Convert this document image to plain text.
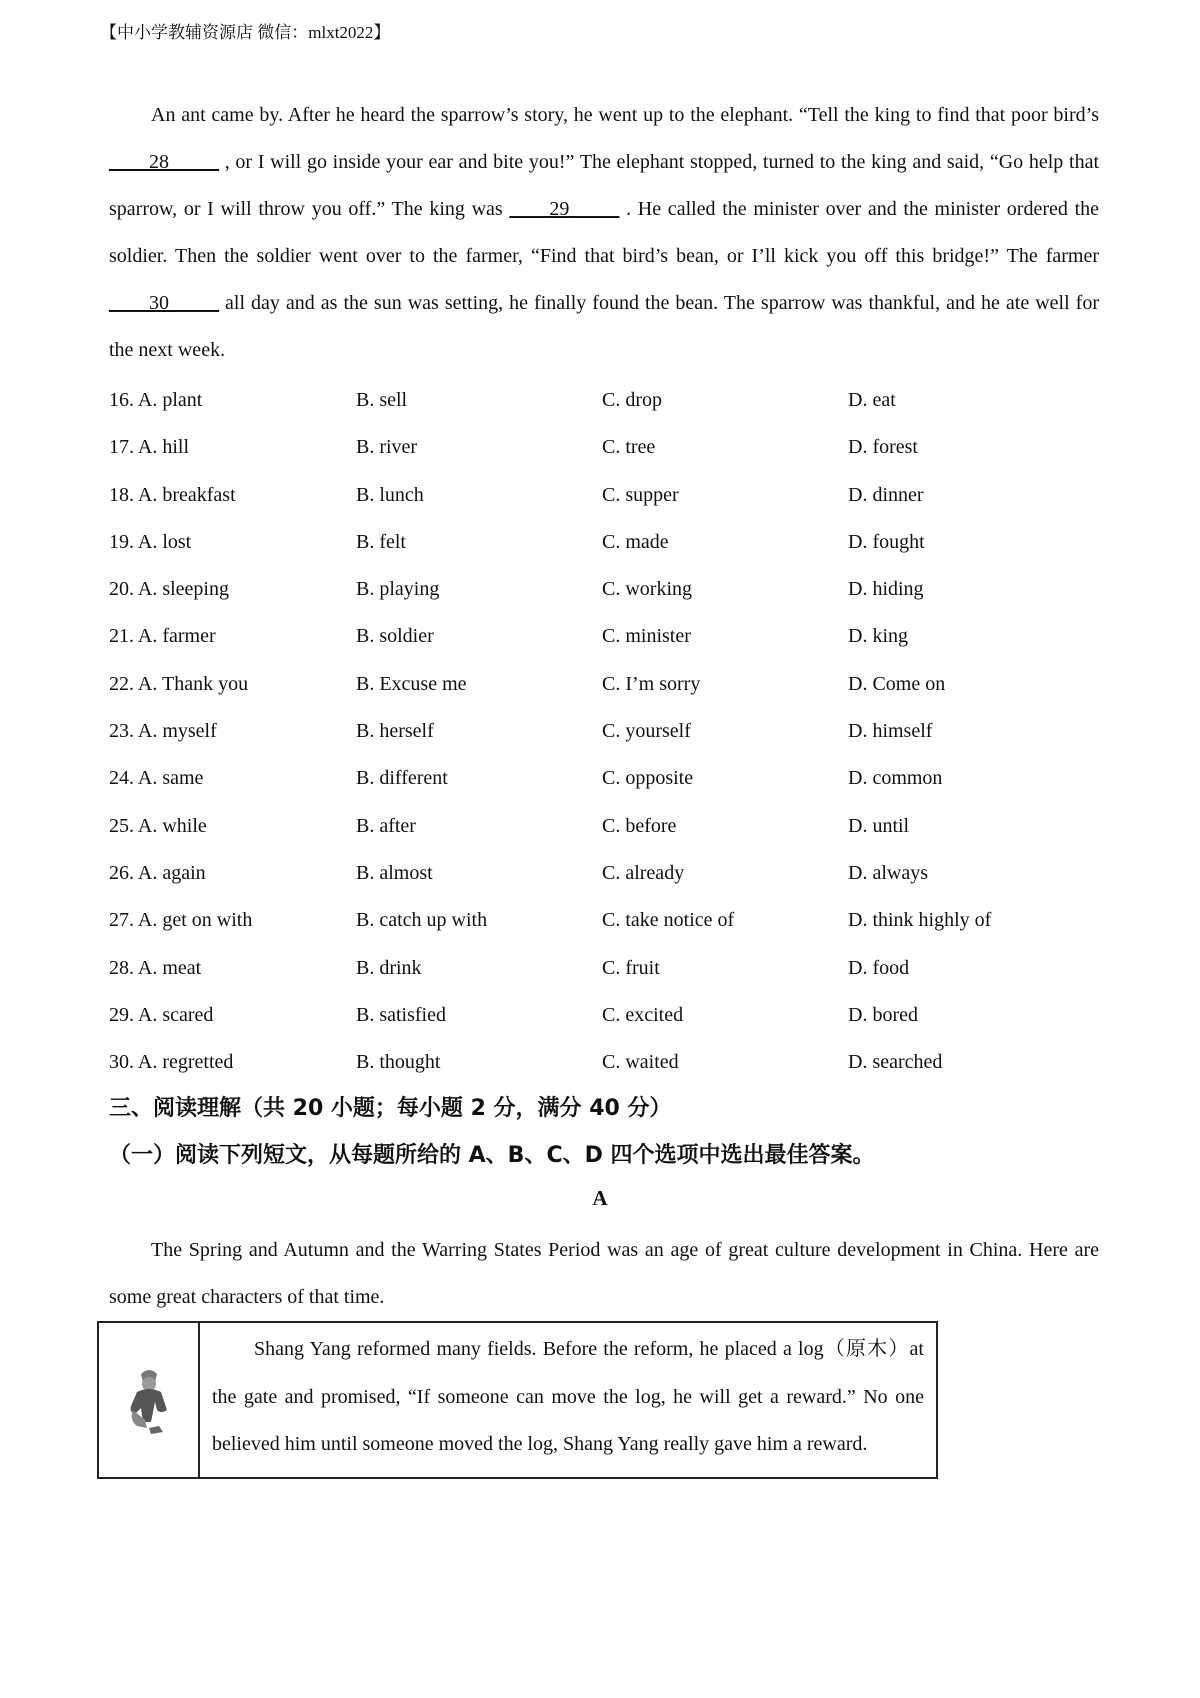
【中小学教辅资源店 微信：mlxt2022】
An ant came by. After he heard the sparrow’s story, he went up to the elephant. “Tell the king to find that poor bird’s ____28_____ , or I will go inside your ear and bite you!” The elephant stopped, turned to the king and said, “Go help that sparrow, or I will throw you off.” The king was ____29_____ . He called the minister over and the minister ordered the soldier. Then the soldier went over to the farmer, “Find that bird’s bean, or I’ll kick you off this bridge!” The farmer ____30_____ all day and as the sun was setting, he finally found the bean. The sparrow was thankful, and he ate well for the next week.
16. A. plant	B. sell	C. drop	D. eat
17. A. hill	B. river	C. tree	D. forest
18. A. breakfast	B. lunch	C. supper	D. dinner
19. A. lost	B. felt	C. made	D. fought
20. A. sleeping	B. playing	C. working	D. hiding
21. A. farmer	B. soldier	C. minister	D. king
22. A. Thank you	B. Excuse me	C. I’m sorry	D. Come on
23. A. myself	B. herself	C. yourself	D. himself
24. A. same	B. different	C. opposite	D. common
25. A. while	B. after	C. before	D. until
26. A. again	B. almost	C. already	D. always
27. A. get on with	B. catch up with	C. take notice of	D. think highly of
28. A. meat	B. drink	C. fruit	D. food
29. A. scared	B. satisfied	C. excited	D. bored
30. A. regretted	B. thought	C. waited	D. searched
三、阅读理解（共 20 小题；每小题 2 分，满分 40 分）
（一）阅读下列短文，从每题所给的 A、B、C、D 四个选项中选出最佳答案。
A
The Spring and Autumn and the Warring States Period was an age of great culture development in China. Here are some great characters of that time.
Shang Yang reformed many fields. Before the reform, he placed a log（原木）at the gate and promised, “If someone can move the log, he will get a reward.” No one believed him until someone moved the log, Shang Yang really gave him a reward.
